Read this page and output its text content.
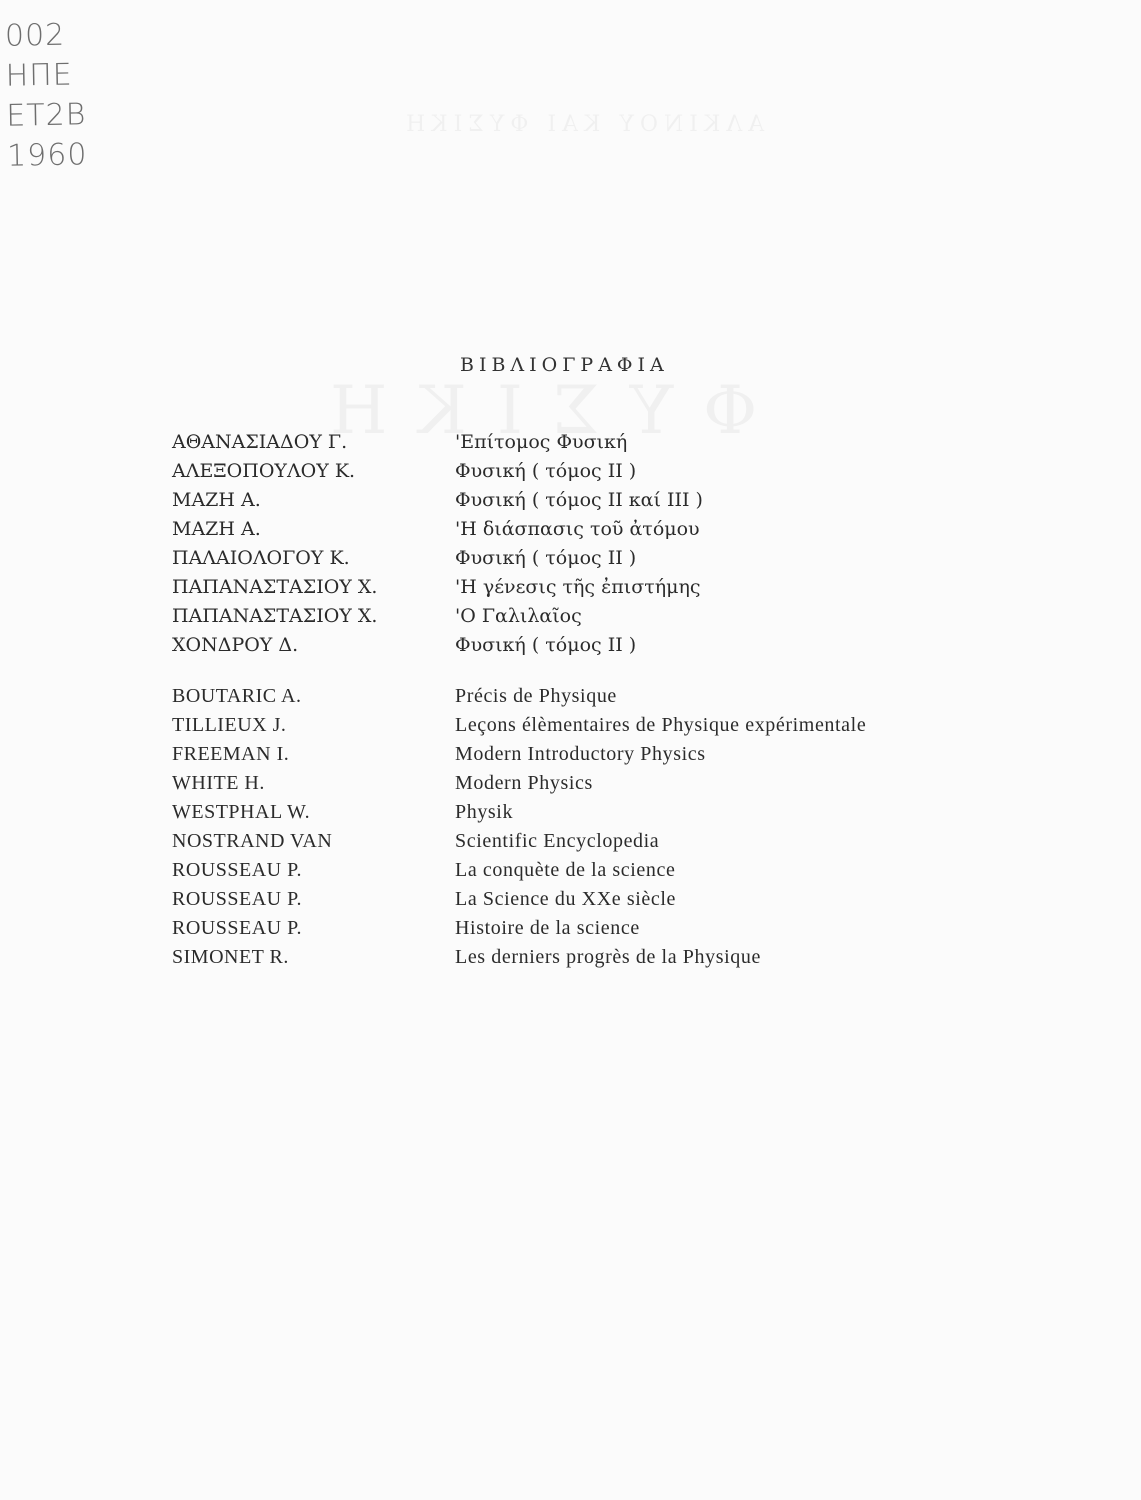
002
ΗΠΕ
ΕΤ2Β
1960
ΒΙΒΛΙΟΓΡΑΦΙΑ
ΑΘΑΝΑΣΙΑΔΟΥ Γ.	'Επίτομος Φυσική
ΑΛΕΞΟΠΟΥΛΟΥ Κ.	Φυσική ( τόμος ΙΙ )
ΜΑΖΗ Α.	Φυσική ( τόμος ΙΙ καί ΙΙΙ )
ΜΑΖΗ Α.	'Η διάσπασις τοῦ ἀτόμου
ΠΑΛΑΙΟΛΟΓΟΥ Κ.	Φυσική ( τόμος ΙΙ )
ΠΑΠΑΝΑΣΤΑΣΙΟΥ Χ.	'Η γένεσις τῆς ἐπιστήμης
ΠΑΠΑΝΑΣΤΑΣΙΟΥ Χ.	'Ο Γαλιλαῖος
ΧΟΝΔΡΟΥ Δ.	Φυσική ( τόμος ΙΙ )
BOUTARIC A.	Précis de Physique
TILLIEUX J.	Leçons élèmentaires de Physique expérimentale
FREEMAN I.	Modern Introductory Physics
WHITE H.	Modern Physics
WESTPHAL W.	Physik
NOSTRAND VAN	Scientific Encyclopedia
ROUSSEAU P.	La conquète de la science
ROUSSEAU P.	La Science du XXe siècle
ROUSSEAU P.	Histoire de la science
SIMONET R.	Les derniers progrès de la Physique
